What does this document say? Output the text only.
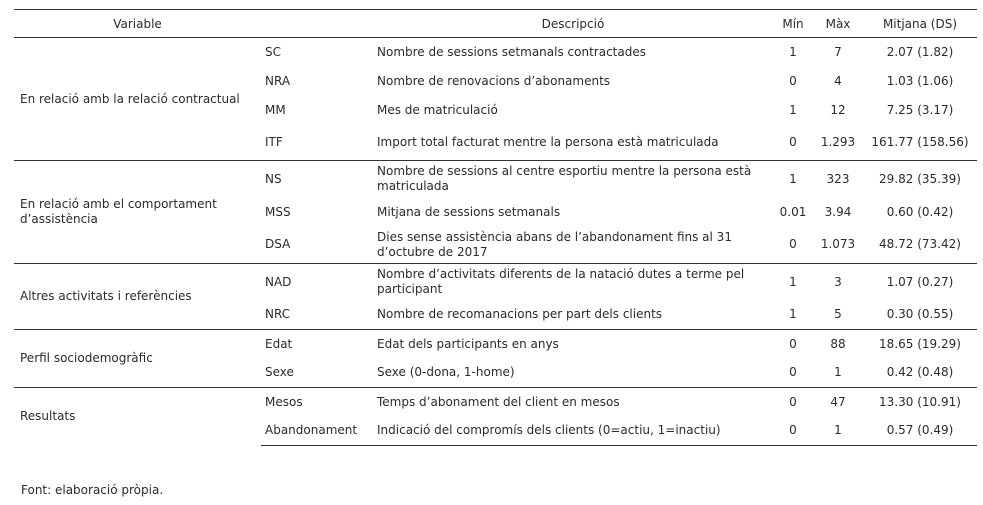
Variable		Descripció	Mín	Màx	Mitjana (DS)
En relació amb la relació contractual	SC	Nombre de sessions setmanals contractades	1	7	2.07 (1.82)
	NRA	Nombre de renovacions d’abonaments	0	4	1.03 (1.06)
	MM	Mes de matriculació	1	12	7.25 (3.17)
	ITF	Import total facturat mentre la persona està matriculada	0	1.293	161.77 (158.56)
En relació amb el comportament d’assistència	NS	Nombre de sessions al centre esportiu mentre la persona està matriculada	1	323	29.82 (35.39)
	MSS	Mitjana de sessions setmanals	0.01	3.94	0.60 (0.42)
	DSA	Dies sense assistència abans de l’abandonament fins al 31 d’octubre de 2017	0	1.073	48.72 (73.42)
Altres activitats i referències	NAD	Nombre d’activitats diferents de la natació dutes a terme pel participant	1	3	1.07 (0.27)
	NRC	Nombre de recomanacions per part dels clients	1	5	0.30 (0.55)
Perfil sociodemogràfic	Edat	Edat dels participants en anys	0	88	18.65 (19.29)
	Sexe	Sexe (0-dona, 1-home)	0	1	0.42 (0.48)
Resultats	Mesos	Temps d’abonament del client en mesos	0	47	13.30 (10.91)
	Abandonament	Indicació del compromís dels clients (0=actiu, 1=inactiu)	0	1	0.57 (0.49)
Font: elaboració pròpia.
